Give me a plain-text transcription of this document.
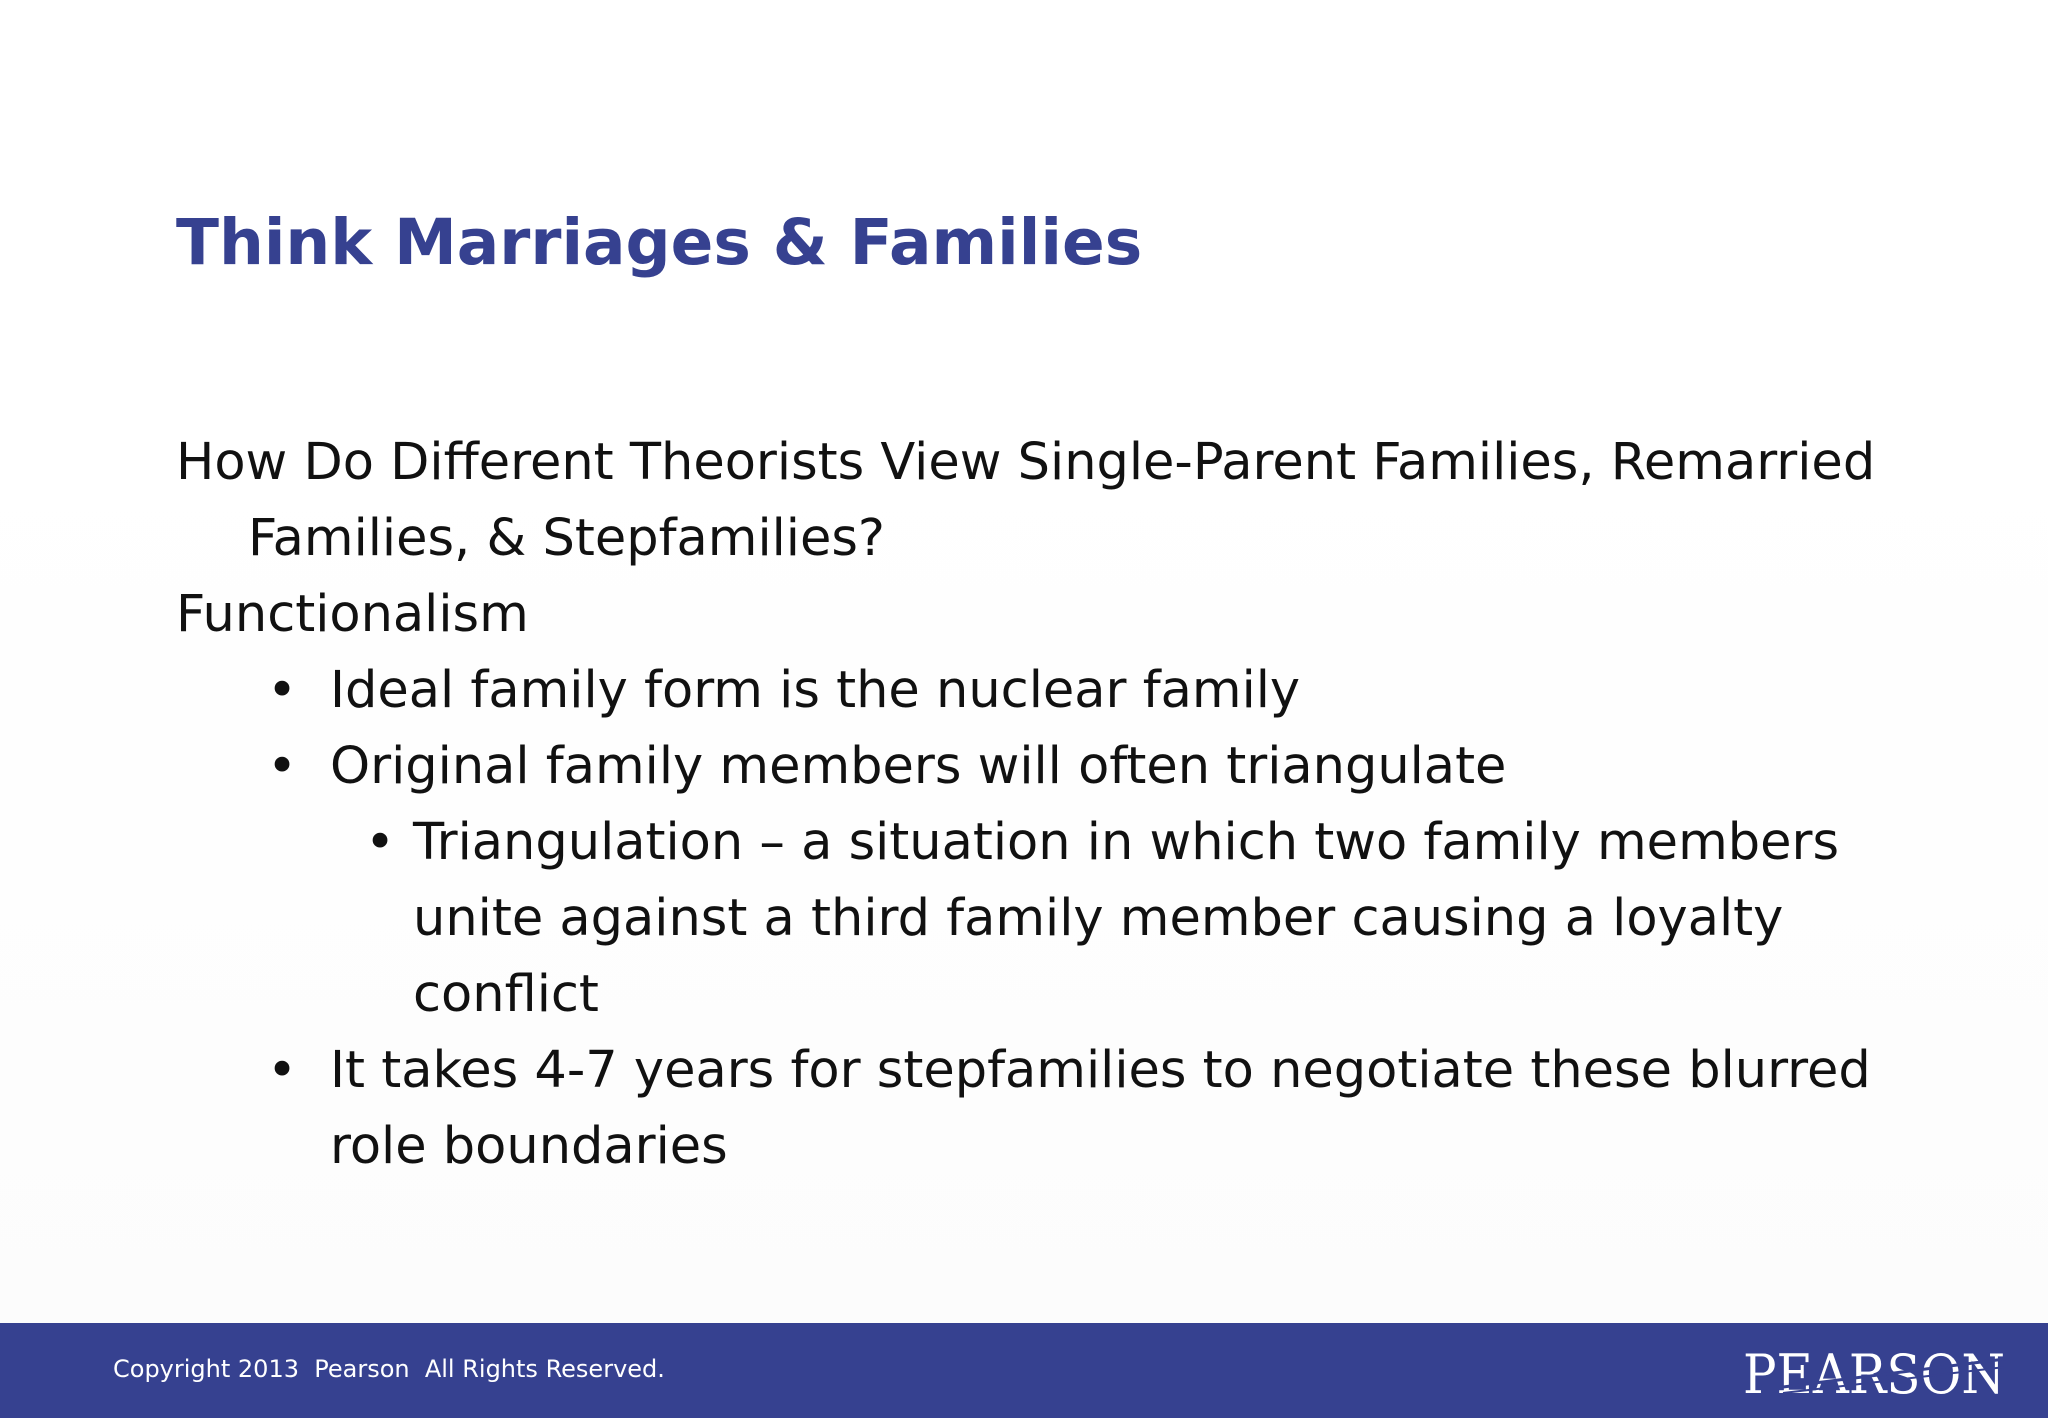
Think Marriages & Families

How Do Different Theorists View Single-Parent Families, Remarried Families, & Stepfamilies?

Functionalism

• Ideal family form is the nuclear family
• Original family members will often triangulate
• Triangulation – a situation in which two family members unite against a third family member causing a loyalty conflict
• It takes 4-7 years for stepfamilies to negotiate these blurred role boundaries
Copyright 2013  Pearson  All Rights Reserved.	PEARSON
